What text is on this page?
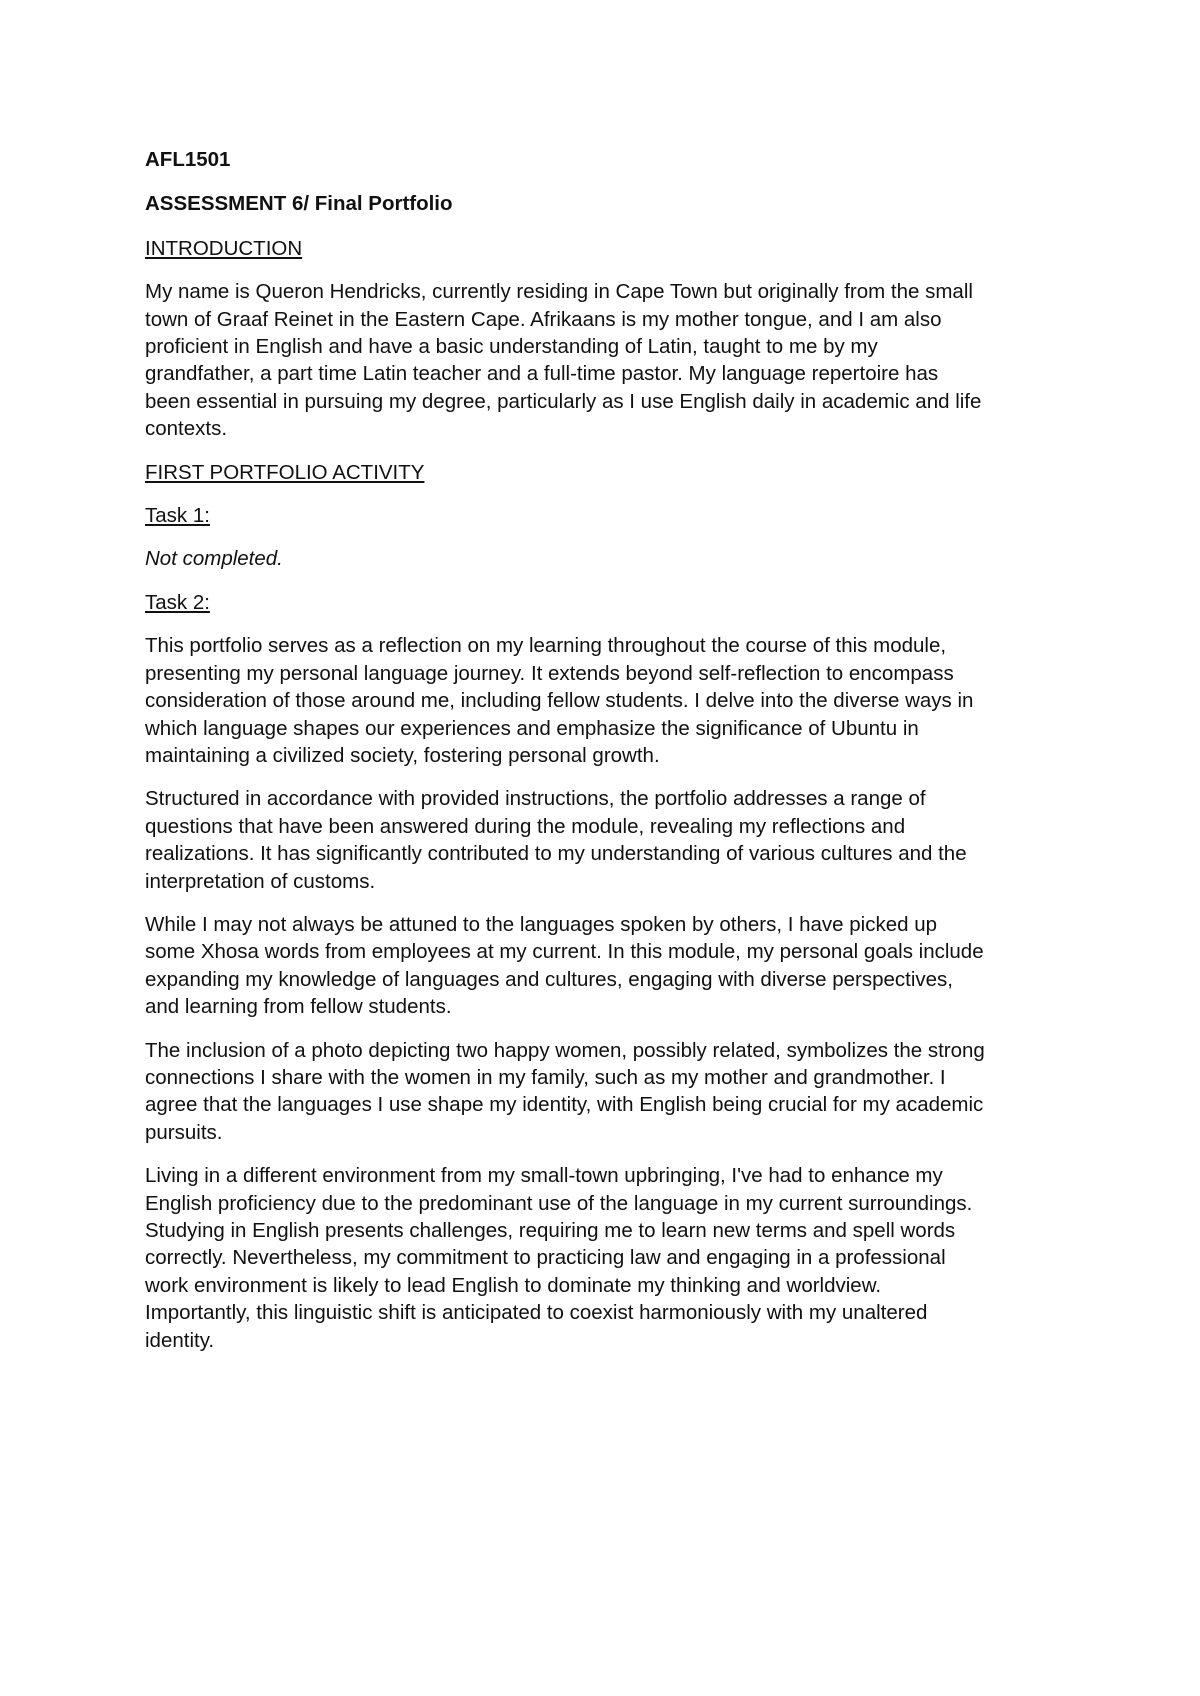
AFL1501

ASSESSMENT 6/ Final Portfolio

INTRODUCTION

My name is Queron Hendricks, currently residing in Cape Town but originally from the small

town of Graaf Reinet in the Eastern Cape. Afrikaans is my mother tongue, and I am also

proficient in English and have a basic understanding of Latin, taught to me by my

grandfather, a part time Latin teacher and a full-time pastor. My language repertoire has

been essential in pursuing my degree, particularly as I use English daily in academic and life

contexts.

FIRST PORTFOLIO ACTIVITY

Task 1:

Not completed.

Task 2:

This portfolio serves as a reflection on my learning throughout the course of this module,

presenting my personal language journey. It extends beyond self-reflection to encompass

consideration of those around me, including fellow students. I delve into the diverse ways in

which language shapes our experiences and emphasize the significance of Ubuntu in

maintaining a civilized society, fostering personal growth.

Structured in accordance with provided instructions, the portfolio addresses a range of

questions that have been answered during the module, revealing my reflections and

realizations. It has significantly contributed to my understanding of various cultures and the

interpretation of customs.

While I may not always be attuned to the languages spoken by others, I have picked up

some Xhosa words from employees at my current. In this module, my personal goals include

expanding my knowledge of languages and cultures, engaging with diverse perspectives,

and learning from fellow students.

The inclusion of a photo depicting two happy women, possibly related, symbolizes the strong

connections I share with the women in my family, such as my mother and grandmother. I

agree that the languages I use shape my identity, with English being crucial for my academic

pursuits.

Living in a different environment from my small-town upbringing, I've had to enhance my

English proficiency due to the predominant use of the language in my current surroundings.

Studying in English presents challenges, requiring me to learn new terms and spell words

correctly. Nevertheless, my commitment to practicing law and engaging in a professional

work environment is likely to lead English to dominate my thinking and worldview.

Importantly, this linguistic shift is anticipated to coexist harmoniously with my unaltered

identity.
